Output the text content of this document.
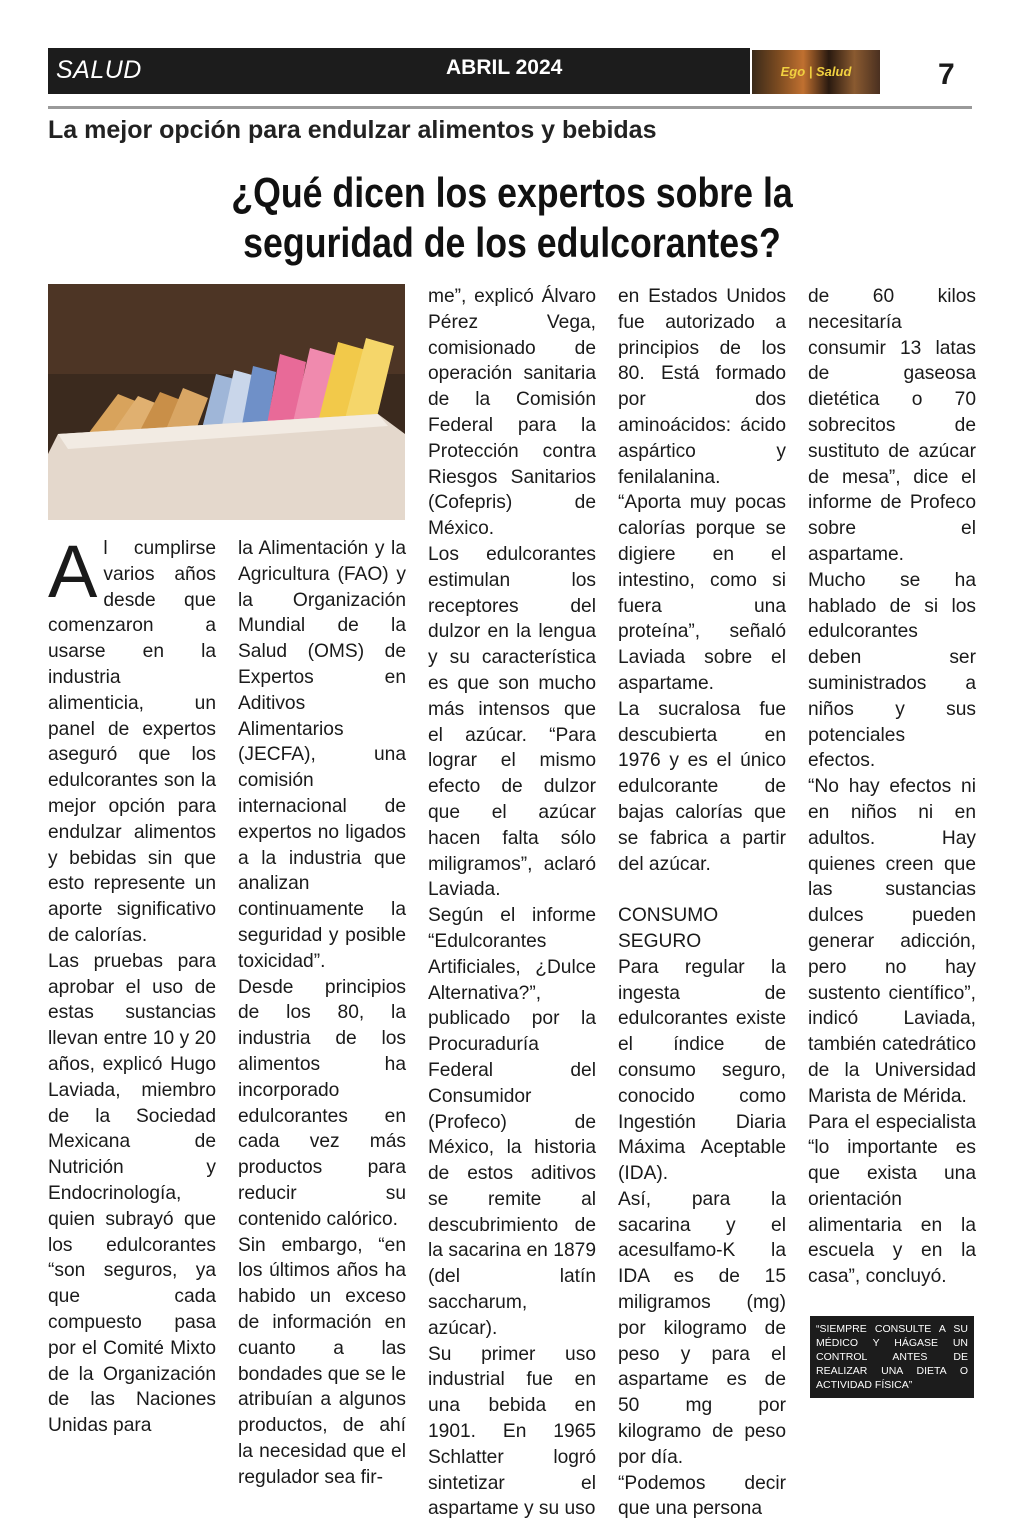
SALUD	ABRIL 2024	Ego | Salud	7
La mejor opción para endulzar alimentos y bebidas
¿Qué dicen los expertos sobre la
seguridad de los edulcorantes?

Al cumplirse varios años desde que comenzaron a usarse en la industria alimenticia, un panel de expertos aseguró que los edulcorantes son la mejor opción para endulzar alimentos y bebidas sin que esto represente un aporte significativo de calorías.

Las pruebas para aprobar el uso de estas sustancias llevan entre 10 y 20 años, explicó Hugo Laviada, miembro de la Sociedad Mexicana de Nutrición y Endocrinología, quien subrayó que los edulcorantes “son seguros, ya que cada compuesto pasa por el Comité Mixto de la Organización de las Naciones Unidas para

la Alimentación y la Agricultura (FAO) y la Organización Mundial de la Salud (OMS) de Expertos en Aditivos Alimentarios (JECFA), una comisión internacional de expertos no ligados a la industria que analizan continuamente la seguridad y posible toxicidad”.

Desde principios de los 80, la industria de los alimentos ha incorporado edulcorantes en cada vez más productos para reducir su contenido calórico.

Sin embargo, “en los últimos años ha habido un exceso de información en cuanto a las bondades que se le atribuían a algunos productos, de ahí la necesidad que el regulador sea fir-

me”, explicó Álvaro Pérez Vega, comisionado de operación sanitaria de la Comisión Federal para la Protección contra Riesgos Sanitarios (Cofepris) de México.

Los edulcorantes estimulan los receptores del dulzor en la lengua y su característica es que son mucho más intensos que el azúcar. “Para lograr el mismo efecto de dulzor que el azúcar hacen falta sólo miligramos”, aclaró Laviada.

Según el informe “Edulcorantes Artificiales, ¿Dulce Alternativa?”, publicado por la Procuraduría Federal del Consumidor (Profeco) de México, la historia de estos aditivos se remite al descubrimiento de la sacarina en 1879 (del latín saccharum, azúcar).

Su primer uso industrial fue en una bebida en 1901. En 1965 Schlatter logró sintetizar el aspartame y su uso

en Estados Unidos fue autorizado a principios de los 80. Está formado por dos aminoácidos: ácido aspártico y fenilalanina.

“Aporta muy pocas calorías porque se digiere en el intestino, como si fuera una proteína”, señaló Laviada sobre el aspartame.

La sucralosa fue descubierta en 1976 y es el único edulcorante de bajas calorías que se fabrica a partir del azúcar.

CONSUMO SEGURO

Para regular la ingesta de edulcorantes existe el índice de consumo seguro, conocido como Ingestión Diaria Máxima Aceptable (IDA).

Así, para la sacarina y el acesulfamo-K la IDA es de 15 miligramos (mg) por kilogramo de peso y para el aspartame es de 50 mg por kilogramo de peso por día.

“Podemos decir que una persona

de 60 kilos necesitaría consumir 13 latas de gaseosa dietética o 70 sobrecitos de sustituto de azúcar de mesa”, dice el informe de Profeco sobre el aspartame.

Mucho se ha hablado de si los edulcorantes deben ser suministrados a niños y sus potenciales efectos.

“No hay efectos ni en niños ni en adultos. Hay quienes creen que las sustancias dulces pueden generar adicción, pero no hay sustento científico”, indicó Laviada, también catedrático de la Universidad Marista de Mérida.

Para el especialista “lo importante es que exista una orientación alimentaria en la escuela y en la casa”, concluyó.

“SIEMPRE CONSULTE A SU MÉDICO Y HÁGASE UN CONTROL ANTES DE REALIZAR UNA DIETA O ACTIVIDAD FÍSICA”
